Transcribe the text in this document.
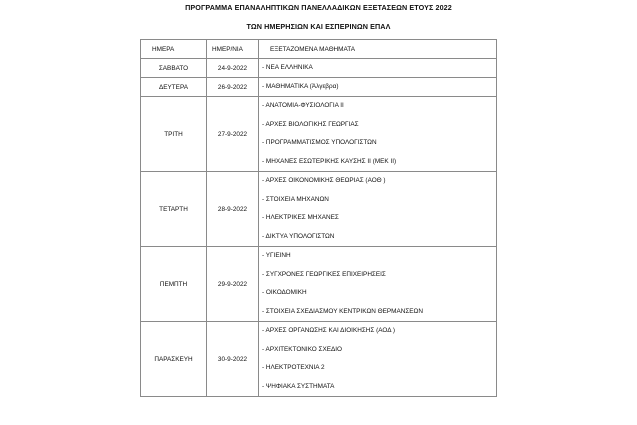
ΠΡΟΓΡΑΜΜΑ ΕΠΑΝΑΛΗΠΤΙΚΩΝ ΠΑΝΕΛΛΑΔΙΚΩΝ ΕΞΕΤΑΣΕΩΝ ΕΤΟΥΣ 2022
ΤΩΝ ΗΜΕΡΗΣΙΩΝ ΚΑΙ ΕΣΠΕΡΙΝΩΝ ΕΠΑΛ
ΗΜΕΡΑ	ΗΜΕΡ/ΝΙΑ	ΕΞΕΤΑΖΟΜΕΝΑ ΜΑΘΗΜΑΤΑ
ΣΑΒΒΑΤΟ	24-9-2022	- ΝΕΑ ΕΛΛΗΝΙΚΑ

ΔΕΥΤΕΡΑ	26-9-2022	- ΜΑΘΗΜΑΤΙΚΑ (Άλγεβρα)

ΤΡΙΤΗ	27-9-2022	- ΑΝΑΤΟΜΙΑ-ΦΥΣΙΟΛΟΓΙΑ ΙΙ
- ΑΡΧΕΣ ΒΙΟΛΟΓΙΚΗΣ ΓΕΩΡΓΙΑΣ
- ΠΡΟΓΡΑΜΜΑΤΙΣΜΟΣ ΥΠΟΛΟΓΙΣΤΩΝ
- ΜΗΧΑΝΕΣ ΕΣΩΤΕΡΙΚΗΣ ΚΑΥΣΗΣ ΙΙ (ΜΕΚ ΙΙ)

ΤΕΤΑΡΤΗ	28-9-2022	- ΑΡΧΕΣ ΟΙΚΟΝΟΜΙΚΗΣ ΘΕΩΡΙΑΣ (ΑΟΘ )
- ΣΤΟΙΧΕΙΑ ΜΗΧΑΝΩΝ
- ΗΛΕΚΤΡΙΚΕΣ ΜΗΧΑΝΕΣ
- ΔΙΚΤΥΑ ΥΠΟΛΟΓΙΣΤΩΝ

ΠΕΜΠΤΗ	29-9-2022	- ΥΓΙΕΙΝΗ
- ΣΥΓΧΡΟΝΕΣ ΓΕΩΡΓΙΚΕΣ ΕΠΙΧΕΙΡΗΣΕΙΣ
- ΟΙΚΟΔΟΜΙΚΗ
- ΣΤΟΙΧΕΙΑ ΣΧΕΔΙΑΣΜΟΥ ΚΕΝΤΡΙΚΩΝ ΘΕΡΜΑΝΣΕΩΝ

ΠΑΡΑΣΚΕΥΗ	30-9-2022	- ΑΡΧΕΣ ΟΡΓΑΝΩΣΗΣ ΚΑΙ ΔΙΟΙΚΗΣΗΣ (ΑΟΔ )
- ΑΡΧΙΤΕΚΤΟΝΙΚΟ ΣΧΕΔΙΟ
- ΗΛΕΚΤΡΟΤΕΧΝΙΑ 2
- ΨΗΦΙΑΚΑ ΣΥΣΤΗΜΑΤΑ
